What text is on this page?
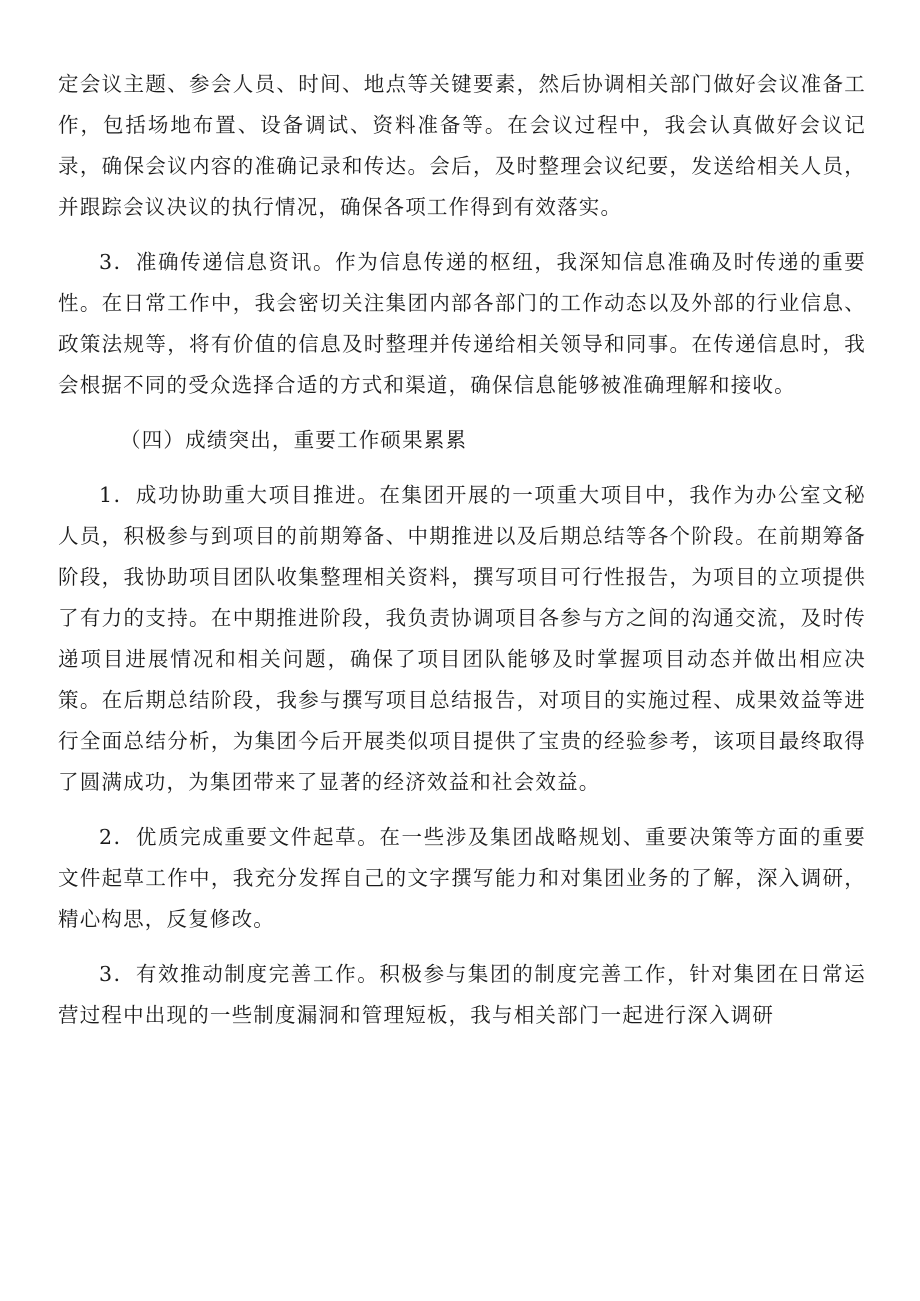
定会议主题、参会人员、时间、地点等关键要素，然后协调相关部门做好会议准备工作，包括场地布置、设备调试、资料准备等。在会议过程中，我会认真做好会议记录，确保会议内容的准确记录和传达。会后，及时整理会议纪要，发送给相关人员，并跟踪会议决议的执行情况，确保各项工作得到有效落实。

3．准确传递信息资讯。作为信息传递的枢纽，我深知信息准确及时传递的重要性。在日常工作中，我会密切关注集团内部各部门的工作动态以及外部的行业信息、政策法规等，将有价值的信息及时整理并传递给相关领导和同事。在传递信息时，我会根据不同的受众选择合适的方式和渠道，确保信息能够被准确理解和接收。

（四）成绩突出，重要工作硕果累累

1．成功协助重大项目推进。在集团开展的一项重大项目中，我作为办公室文秘人员，积极参与到项目的前期筹备、中期推进以及后期总结等各个阶段。在前期筹备阶段，我协助项目团队收集整理相关资料，撰写项目可行性报告，为项目的立项提供了有力的支持。在中期推进阶段，我负责协调项目各参与方之间的沟通交流，及时传递项目进展情况和相关问题，确保了项目团队能够及时掌握项目动态并做出相应决策。在后期总结阶段，我参与撰写项目总结报告，对项目的实施过程、成果效益等进行全面总结分析，为集团今后开展类似项目提供了宝贵的经验参考，该项目最终取得了圆满成功，为集团带来了显著的经济效益和社会效益。

2．优质完成重要文件起草。在一些涉及集团战略规划、重要决策等方面的重要文件起草工作中，我充分发挥自己的文字撰写能力和对集团业务的了解，深入调研，精心构思，反复修改。

3．有效推动制度完善工作。积极参与集团的制度完善工作，针对集团在日常运营过程中出现的一些制度漏洞和管理短板，我与相关部门一起进行深入调研
